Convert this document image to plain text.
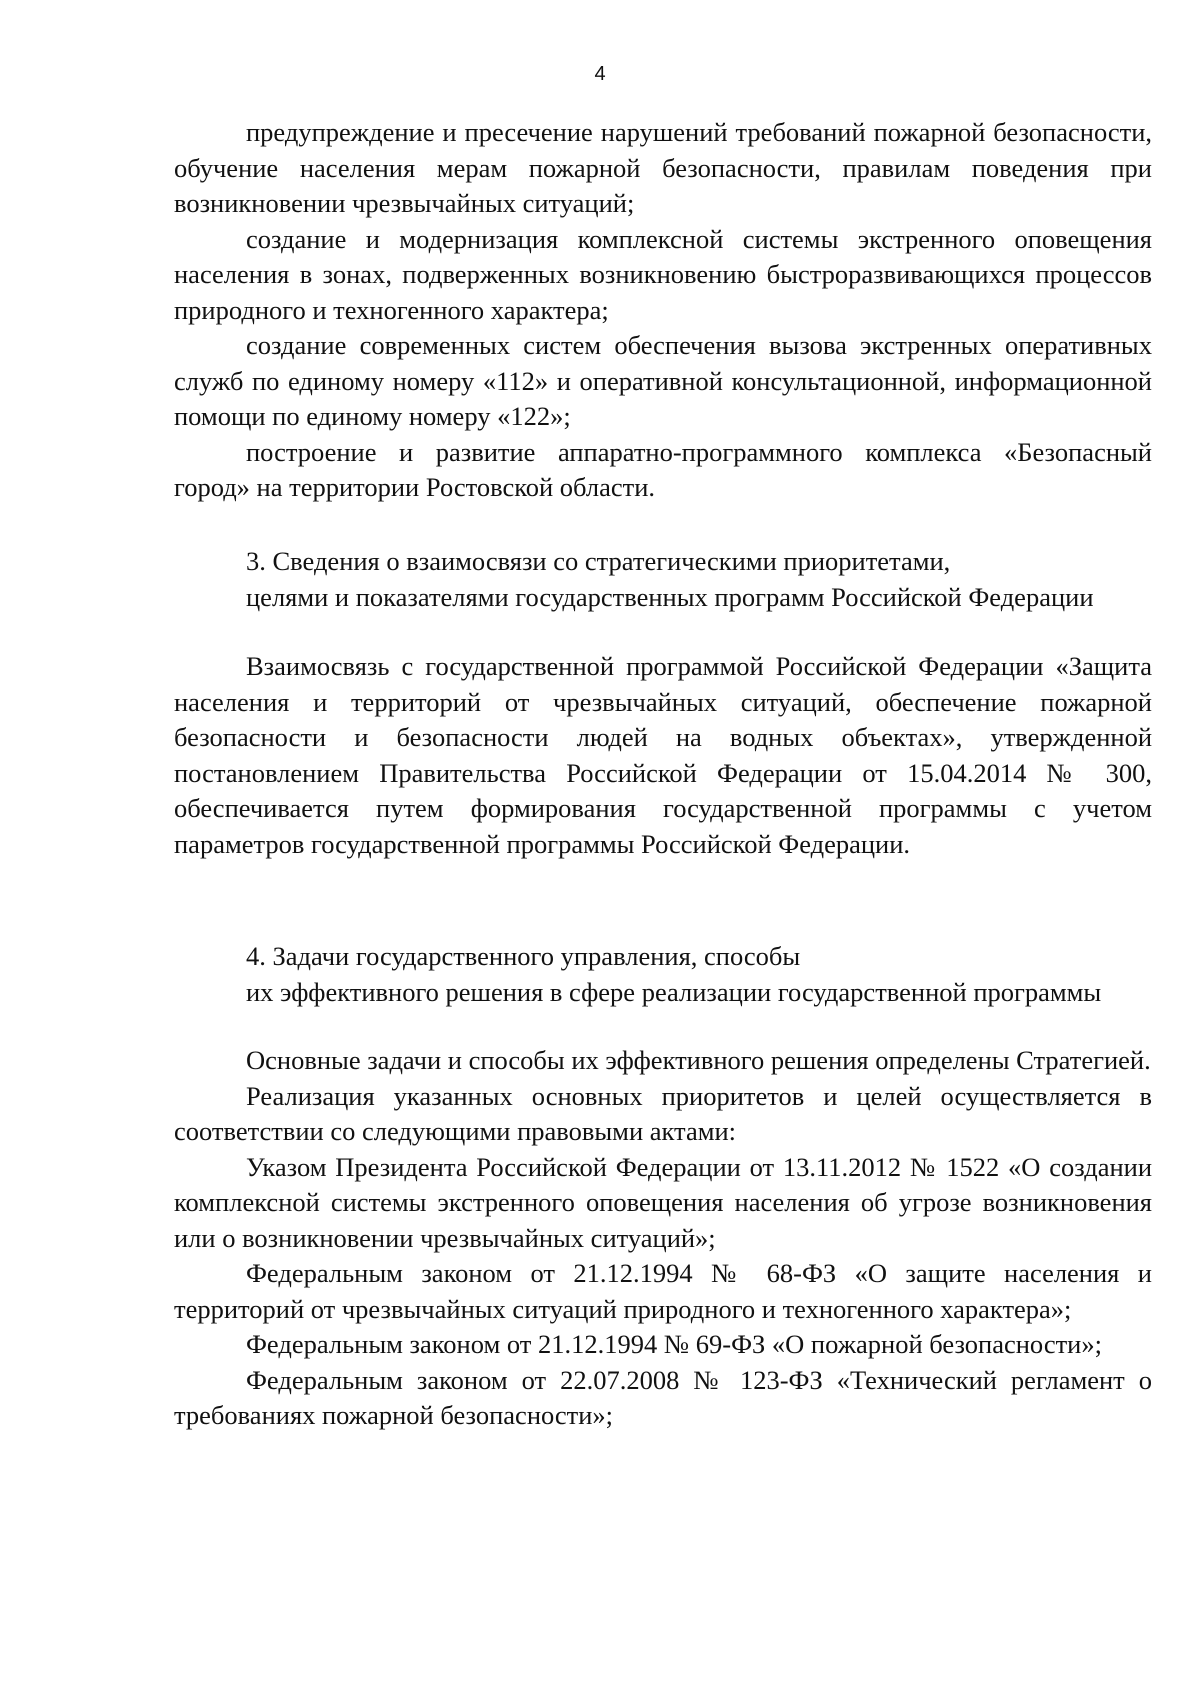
4

предупреждение и пресечение нарушений требований пожарной безопасности, обучение населения мерам пожарной безопасности, правилам поведения при возникновении чрезвычайных ситуаций;

создание и модернизация комплексной системы экстренного оповещения населения в зонах, подверженных возникновению быстроразвивающихся процессов природного и техногенного характера;

создание современных систем обеспечения вызова экстренных оперативных служб по единому номеру «112» и оперативной консультационной, информационной помощи по единому номеру «122»;

построение и развитие аппаратно-программного комплекса «Безопасный город» на территории Ростовской области.

3. Сведения о взаимосвязи со стратегическими приоритетами,

целями и показателями государственных программ Российской Федерации

Взаимосвязь с государственной программой Российской Федерации «Защита населения и территорий от чрезвычайных ситуаций, обеспечение пожарной безопасности и безопасности людей на водных объектах», утвержденной постановлением Правительства Российской Федерации от 15.04.2014 № 300, обеспечивается путем формирования государственной программы с учетом параметров государственной программы Российской Федерации.

4. Задачи государственного управления, способы

их эффективного решения в сфере реализации государственной программы

Основные задачи и способы их эффективного решения определены Стратегией.

Реализация указанных основных приоритетов и целей осуществляется в соответствии со следующими правовыми актами:

Указом Президента Российской Федерации от 13.11.2012 № 1522 «О создании комплексной системы экстренного оповещения населения об угрозе возникновения или о возникновении чрезвычайных ситуаций»;

Федеральным законом от 21.12.1994 № 68-ФЗ «О защите населения и территорий от чрезвычайных ситуаций природного и техногенного характера»;

Федеральным законом от 21.12.1994 № 69-ФЗ «О пожарной безопасности»;

Федеральным законом от 22.07.2008 № 123-ФЗ «Технический регламент о требованиях пожарной безопасности»;
